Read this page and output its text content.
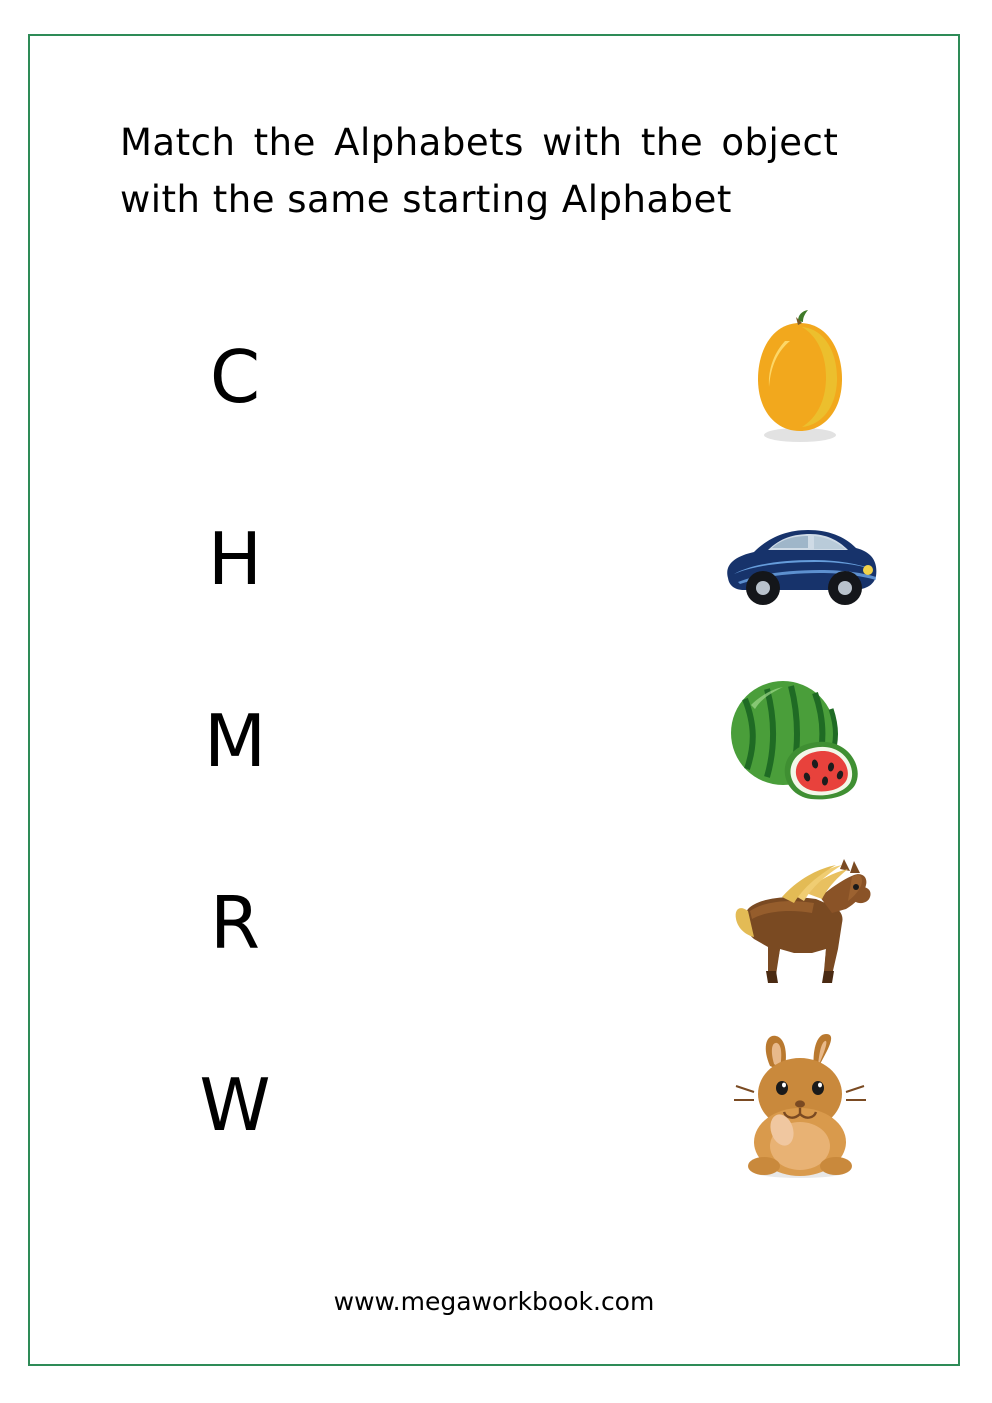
Match the Alphabets with the object
with the same starting Alphabet
C
H
M
R
W
www.megaworkbook.com
